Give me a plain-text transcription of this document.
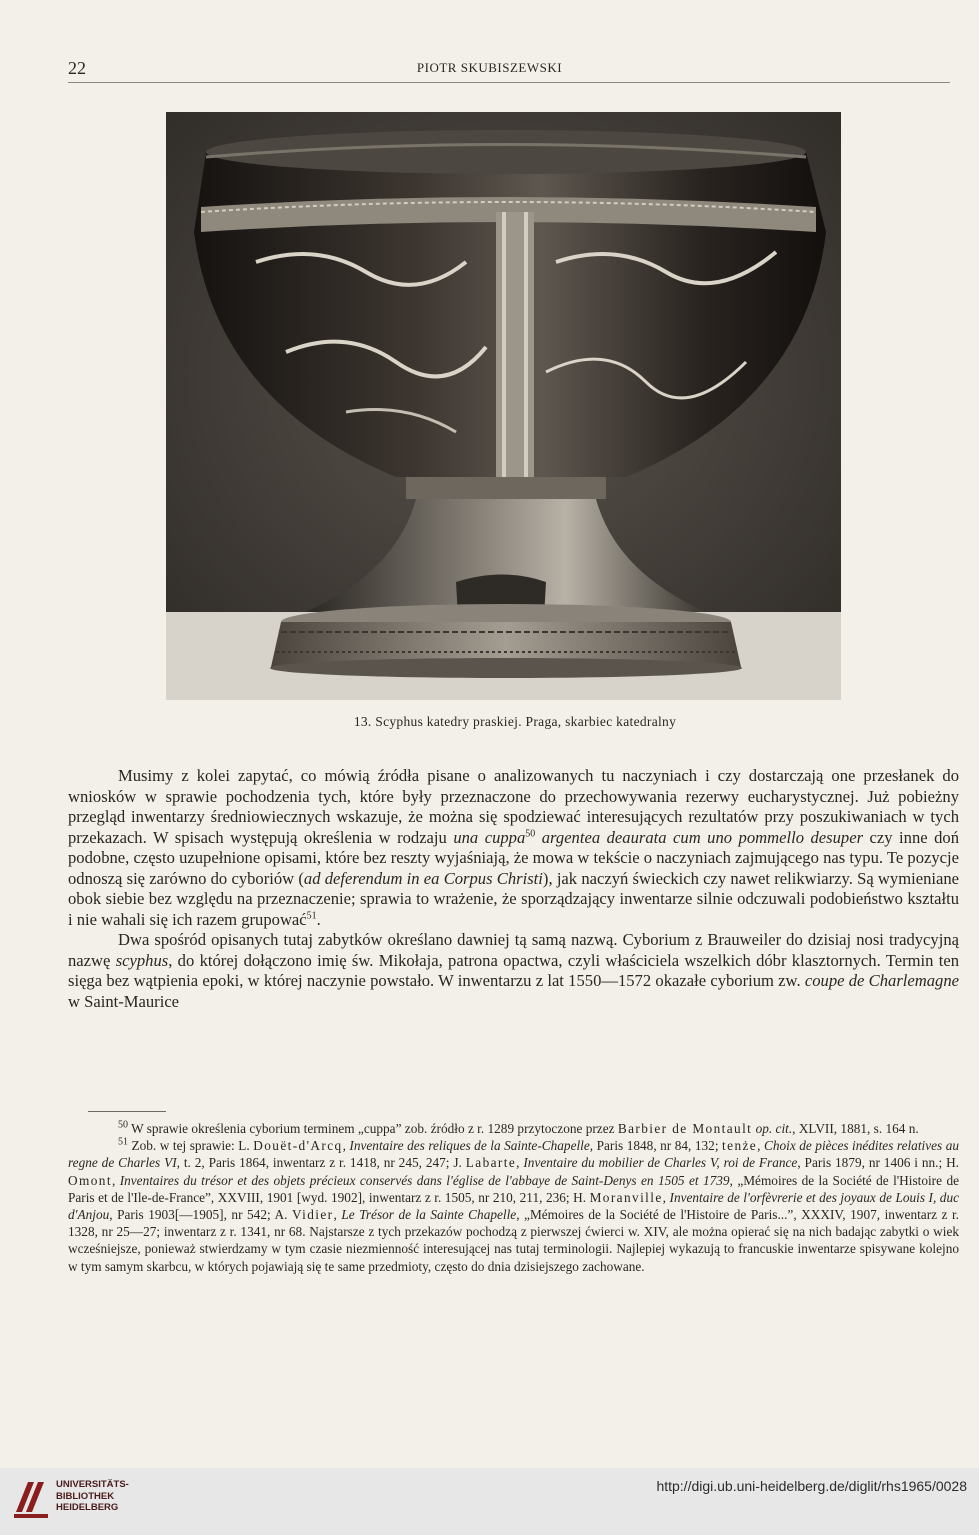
22	PIOTR SKUBISZEWSKI
13. Scyphus katedry praskiej. Praga, skarbiec katedralny

Musimy z kolei zapytać, co mówią źródła pisane o analizowanych tu naczyniach i czy dostarczają one przesłanek do wniosków w sprawie pochodzenia tych, które były przeznaczone do przechowywania rezerwy eucharystycznej. Już pobieżny przegląd inwentarzy średniowiecznych wskazuje, że można się spodziewać interesujących rezultatów przy poszukiwaniach w tych przekazach. W spisach występują określenia w rodzaju una cuppa$^{50}$ argentea deaurata cum uno pommello desuper czy inne doń podobne, często uzupełnione opisami, które bez reszty wyjaśniają, że mowa w tekście o naczyniach zajmującego nas typu. Te pozycje odnoszą się zarówno do cyboriów (ad deferendum in ea Corpus Christi), jak naczyń świeckich czy nawet relikwiarzy. Są wymieniane obok siebie bez względu na przeznaczenie; sprawia to wrażenie, że sporządzający inwentarze silnie odczuwali podobieństwo kształtu i nie wahali się ich razem grupować$^{51}$.

Dwa spośród opisanych tutaj zabytków określano dawniej tą samą nazwą. Cyborium z Brauweiler do dzisiaj nosi tradycyjną nazwę scyphus, do której dołączono imię św. Mikołaja, patrona opactwa, czyli właściciela wszelkich dóbr klasztornych. Termin ten sięga bez wątpienia epoki, w której naczynie powstało. W inwentarzu z lat 1550—1572 okazałe cyborium zw. coupe de Charlemagne w Saint-Maurice

$^{50}$ W sprawie określenia cyborium terminem „cuppa” zob. źródło z r. 1289 przytoczone przez Barbier de Montault op. cit., XLVII, 1881, s. 164 n.

$^{51}$ Zob. w tej sprawie: L. Douët-d'Arcq, Inventaire des reliques de la Sainte-Chapelle, Paris 1848, nr 84, 132; tenże, Choix de pièces inédites relatives au regne de Charles VI, t. 2, Paris 1864, inwentarz z r. 1418, nr 245, 247; J. Labarte, Inventaire du mobilier de Charles V, roi de France, Paris 1879, nr 1406 i nn.; H. Omont, Inventaires du trésor et des objets précieux conservés dans l'église de l'abbaye de Saint-Denys en 1505 et 1739, „Mémoires de la Société de l'Histoire de Paris et de l'Ile-de-France”, XXVIII, 1901 [wyd. 1902], inwentarz z r. 1505, nr 210, 211, 236; H. Moranville, Inventaire de l'orfèvrerie et des joyaux de Louis I, duc d'Anjou, Paris 1903[—1905], nr 542; A. Vidier, Le Trésor de la Sainte Chapelle, „Mémoires de la Société de l'Histoire de Paris...”, XXXIV, 1907, inwentarz z r. 1328, nr 25—27; inwentarz z r. 1341, nr 68. Najstarsze z tych przekazów pochodzą z pierwszej ćwierci w. XIV, ale można opierać się na nich badając zabytki o wiek wcześniejsze, ponieważ stwierdzamy w tym czasie niezmienność interesującej nas tutaj terminologii. Najlepiej wykazują to francuskie inwentarze spisywane kolejno w tym samym skarbcu, w których pojawiają się te same przedmioty, często do dnia dzisiejszego zachowane.

UNIVERSITÄTS-
BIBLIOTHEK
HEIDELBERG
http://digi.ub.uni-heidelberg.de/diglit/rhs1965/0028
